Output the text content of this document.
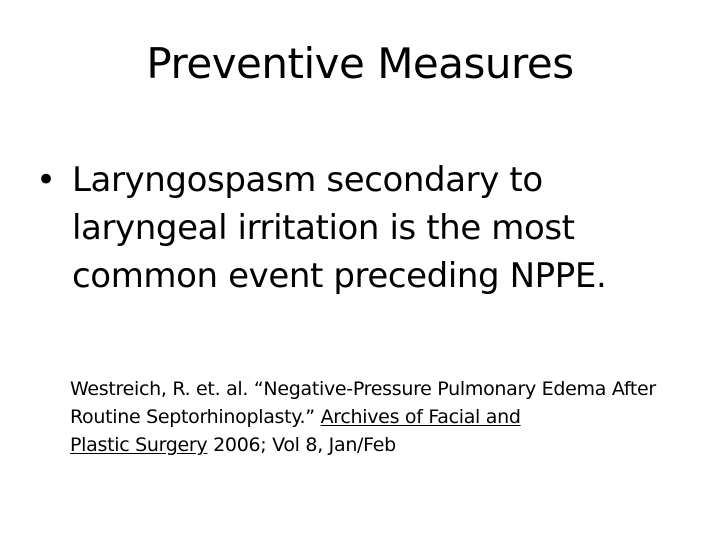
Preventive Measures
• Laryngospasm secondary to
laryngeal irritation is the most
common event preceding NPPE.
Westreich, R. et. al. “Negative-Pressure Pulmonary Edema After Routine Septorhinoplasty.” Archives of Facial and
Plastic Surgery 2006; Vol 8, Jan/Feb
